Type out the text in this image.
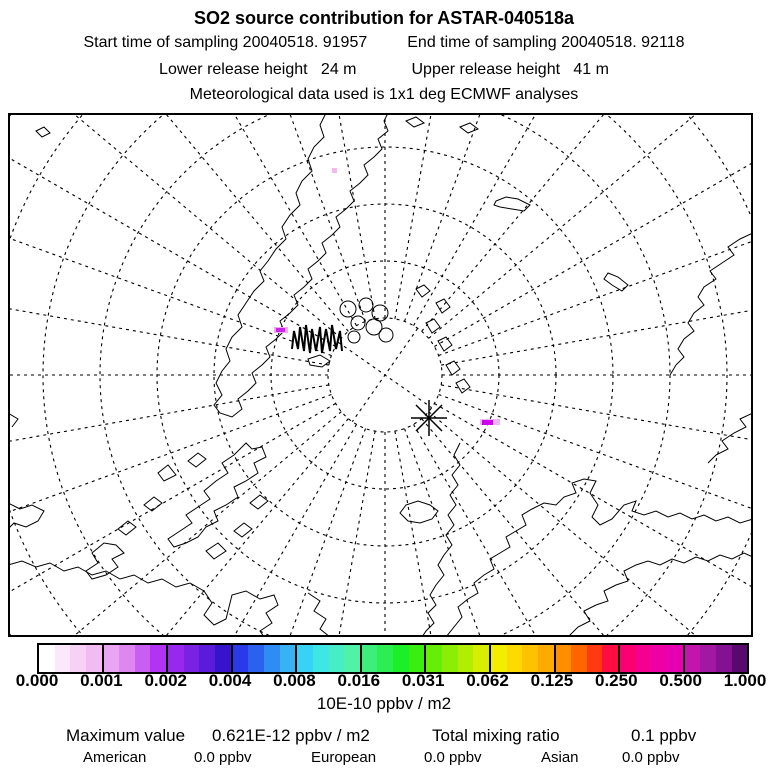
SO2 source contribution for ASTAR-040518a
Start time of sampling 20040518. 91957	End time of sampling 20040518. 92118
Lower release height   24 m	Upper release height   41 m
Meteorological data used is 1x1 deg ECMWF analyses
0.000 0.001 0.002 0.004 0.008 0.016 0.031 0.062 0.125 0.250 0.500 1.000
10E-10 ppbv / m2
Maximum value 0.621E-12 ppbv / m2	Total mixing ratio	0.1 ppbv
American	0.0 ppbv	European	0.0 ppbv	Asian	0.0 ppbv
